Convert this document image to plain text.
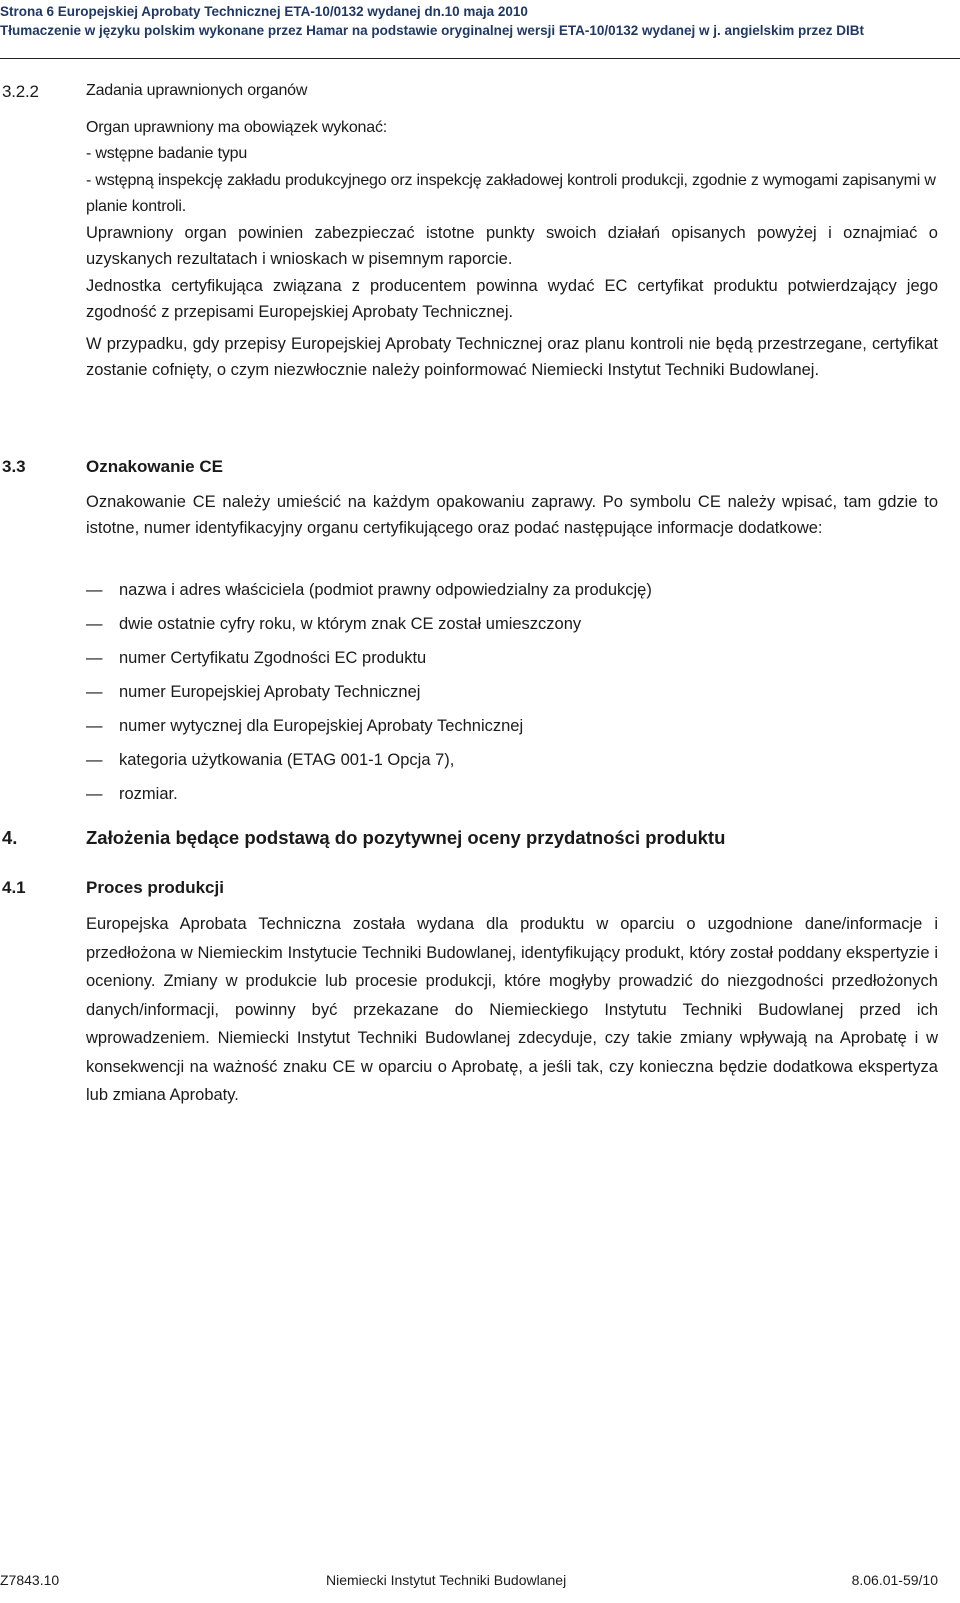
Strona 6 Europejskiej Aprobaty Technicznej ETA-10/0132 wydanej dn.10 maja 2010
Tłumaczenie w języku polskim wykonane przez Hamar na podstawie oryginalnej wersji ETA-10/0132 wydanej w j. angielskim przez DIBt
3.2.2	Zadania uprawnionych organów
Organ uprawniony ma obowiązek wykonać:
- wstępne badanie typu
- wstępną inspekcję zakładu produkcyjnego orz inspekcję zakładowej kontroli produkcji, zgodnie z wymogami zapisanymi w planie kontroli.
Uprawniony organ powinien zabezpieczać istotne punkty swoich działań opisanych powyżej i oznajmiać o uzyskanych rezultatach i wnioskach w pisemnym raporcie.
Jednostka certyfikująca związana z producentem powinna wydać EC certyfikat produktu potwierdzający jego zgodność z przepisami Europejskiej Aprobaty Technicznej.
W przypadku, gdy przepisy Europejskiej Aprobaty Technicznej oraz planu kontroli nie będą przestrzegane, certyfikat zostanie cofnięty, o czym niezwłocznie należy poinformować Niemiecki Instytut Techniki Budowlanej.
3.3	Oznakowanie CE
Oznakowanie CE należy umieścić na każdym opakowaniu zaprawy. Po symbolu CE należy wpisać, tam gdzie to istotne, numer identyfikacyjny organu certyfikującego oraz podać następujące informacje dodatkowe:
—	nazwa i adres właściciela (podmiot prawny odpowiedzialny za produkcję)
—	dwie ostatnie cyfry roku, w którym znak CE został umieszczony
—	numer Certyfikatu Zgodności EC produktu
—	numer Europejskiej Aprobaty Technicznej
—	numer wytycznej dla Europejskiej Aprobaty Technicznej
—	kategoria użytkowania (ETAG 001-1 Opcja 7),
—	rozmiar.
4.	Założenia będące podstawą do pozytywnej oceny przydatności produktu
4.1	Proces produkcji
Europejska Aprobata Techniczna została wydana dla produktu w oparciu o uzgodnione dane/informacje i przedłożona w Niemieckim Instytucie Techniki Budowlanej, identyfikujący produkt, który został poddany ekspertyzie i oceniony. Zmiany w produkcie lub procesie produkcji, które mogłyby prowadzić do niezgodności przedłożonych danych/informacji, powinny być przekazane do Niemieckiego Instytutu Techniki Budowlanej przed ich wprowadzeniem. Niemiecki Instytut Techniki Budowlanej zdecyduje, czy takie zmiany wpływają na Aprobatę i w konsekwencji na ważność znaku CE w oparciu o Aprobatę, a jeśli tak, czy konieczna będzie dodatkowa ekspertyza lub zmiana Aprobaty.
Z7843.10	Niemiecki Instytut Techniki Budowlanej	8.06.01-59/10
